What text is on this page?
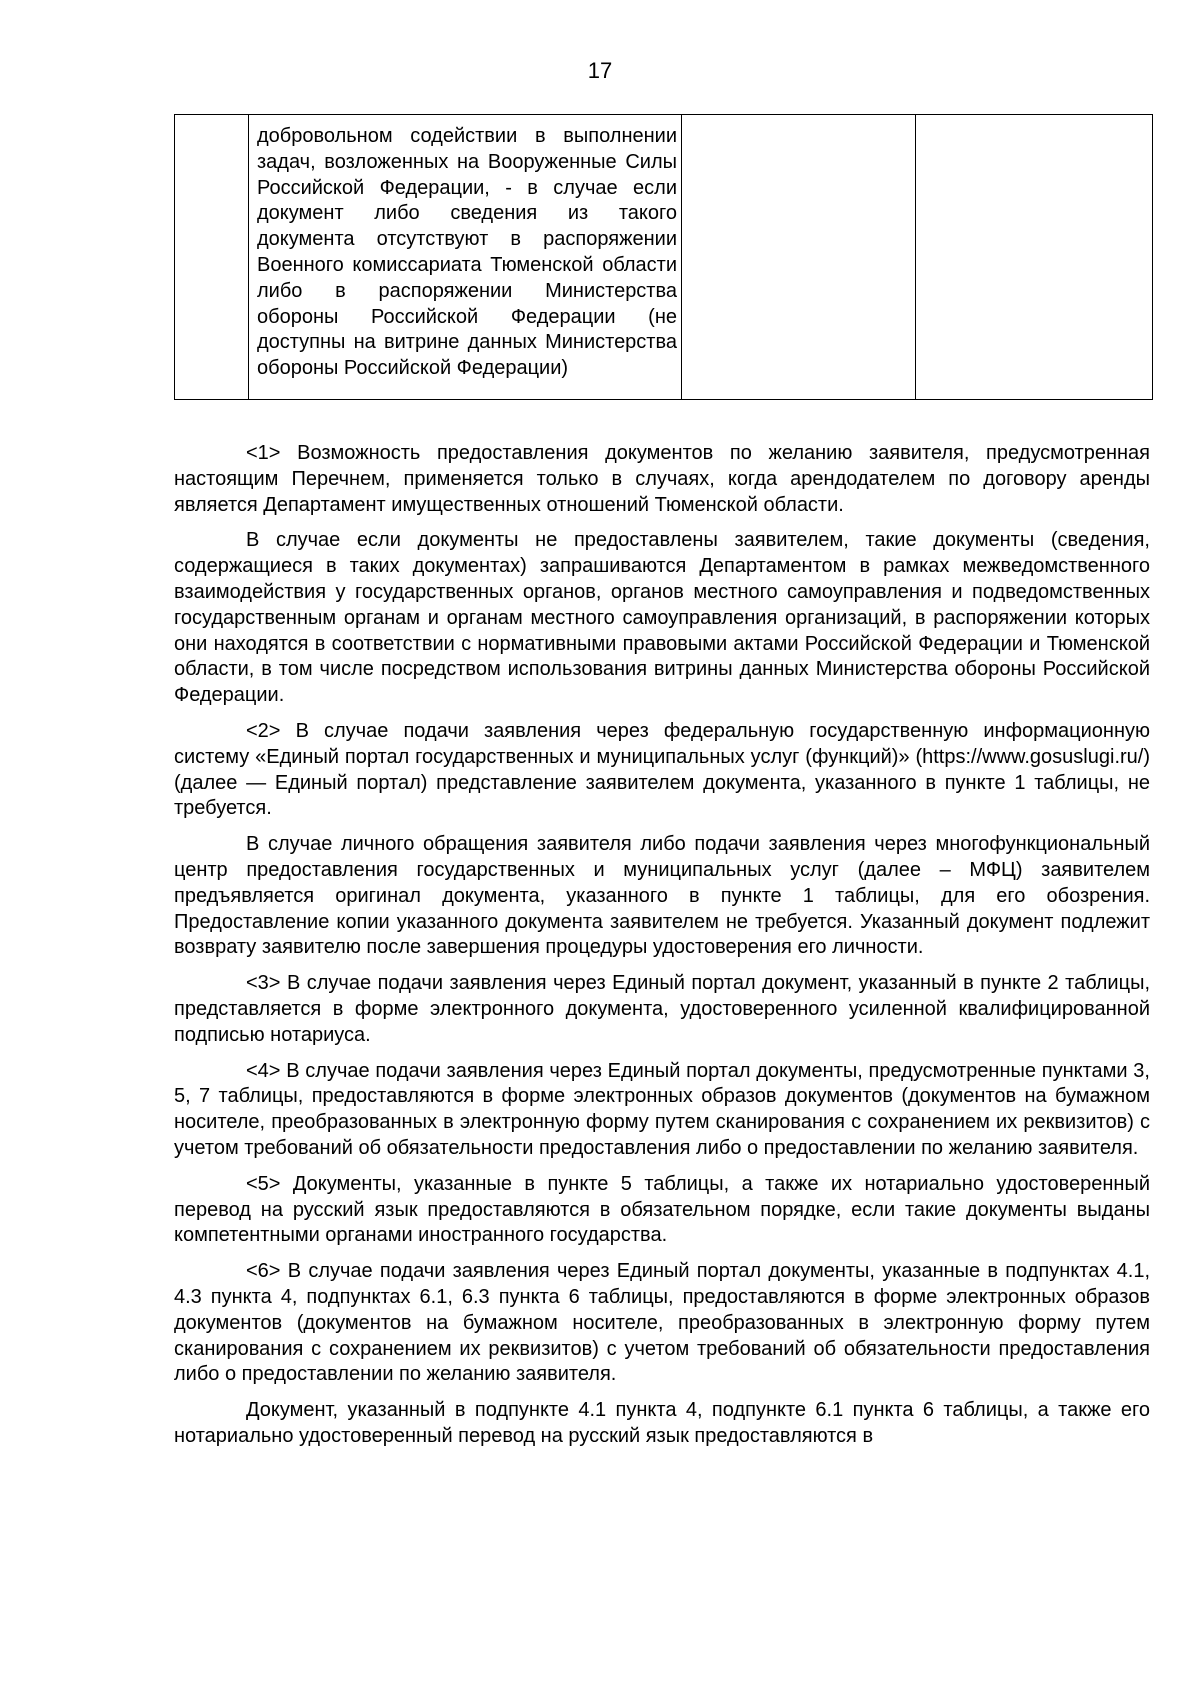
17

добровольном содействии в выполнении задач, возложенных на Вооруженные Силы Российской Федерации, - в случае если документ либо сведения из такого документа отсутствуют в распоряжении Военного комиссариата Тюменской области либо в распоряжении Министерства обороны Российской Федерации (не доступны на витрине данных Министерства обороны Российской Федерации)

<1> Возможность предоставления документов по желанию заявителя, предусмотренная настоящим Перечнем, применяется только в случаях, когда арендодателем по договору аренды является Департамент имущественных отношений Тюменской области.

В случае если документы не предоставлены заявителем, такие документы (сведения, содержащиеся в таких документах) запрашиваются Департаментом в рамках межведомственного взаимодействия у государственных органов, органов местного самоуправления и подведомственных государственным органам и органам местного самоуправления организаций, в распоряжении которых они находятся в соответствии с нормативными правовыми актами Российской Федерации и Тюменской области, в том числе посредством использования витрины данных Министерства обороны Российской Федерации.

<2> В случае подачи заявления через федеральную государственную информационную систему «Единый портал государственных и муниципальных услуг (функций)» (https://www.gosuslugi.ru/) (далее — Единый портал) представление заявителем документа, указанного в пункте 1 таблицы, не требуется.

В случае личного обращения заявителя либо подачи заявления через многофункциональный центр предоставления государственных и муниципальных услуг (далее – МФЦ) заявителем предъявляется оригинал документа, указанного в пункте 1 таблицы, для его обозрения. Предоставление копии указанного документа заявителем не требуется. Указанный документ подлежит возврату заявителю после завершения процедуры удостоверения его личности.

<3> В случае подачи заявления через Единый портал документ, указанный в пункте 2 таблицы, представляется в форме электронного документа, удостоверенного усиленной квалифицированной подписью нотариуса.

<4> В случае подачи заявления через Единый портал документы, предусмотренные пунктами 3, 5, 7 таблицы, предоставляются в форме электронных образов документов (документов на бумажном носителе, преобразованных в электронную форму путем сканирования с сохранением их реквизитов) с учетом требований об обязательности предоставления либо о предоставлении по желанию заявителя.

<5> Документы, указанные в пункте 5 таблицы, а также их нотариально удостоверенный перевод на русский язык предоставляются в обязательном порядке, если такие документы выданы компетентными органами иностранного государства.

<6> В случае подачи заявления через Единый портал документы, указанные в подпунктах 4.1, 4.3 пункта 4, подпунктах 6.1, 6.3 пункта 6 таблицы, предоставляются в форме электронных образов документов (документов на бумажном носителе, преобразованных в электронную форму путем сканирования с сохранением их реквизитов) с учетом требований об обязательности предоставления либо о предоставлении по желанию заявителя.

Документ, указанный в подпункте 4.1 пункта 4, подпункте 6.1 пункта 6 таблицы, а также его нотариально удостоверенный перевод на русский язык предоставляются в
